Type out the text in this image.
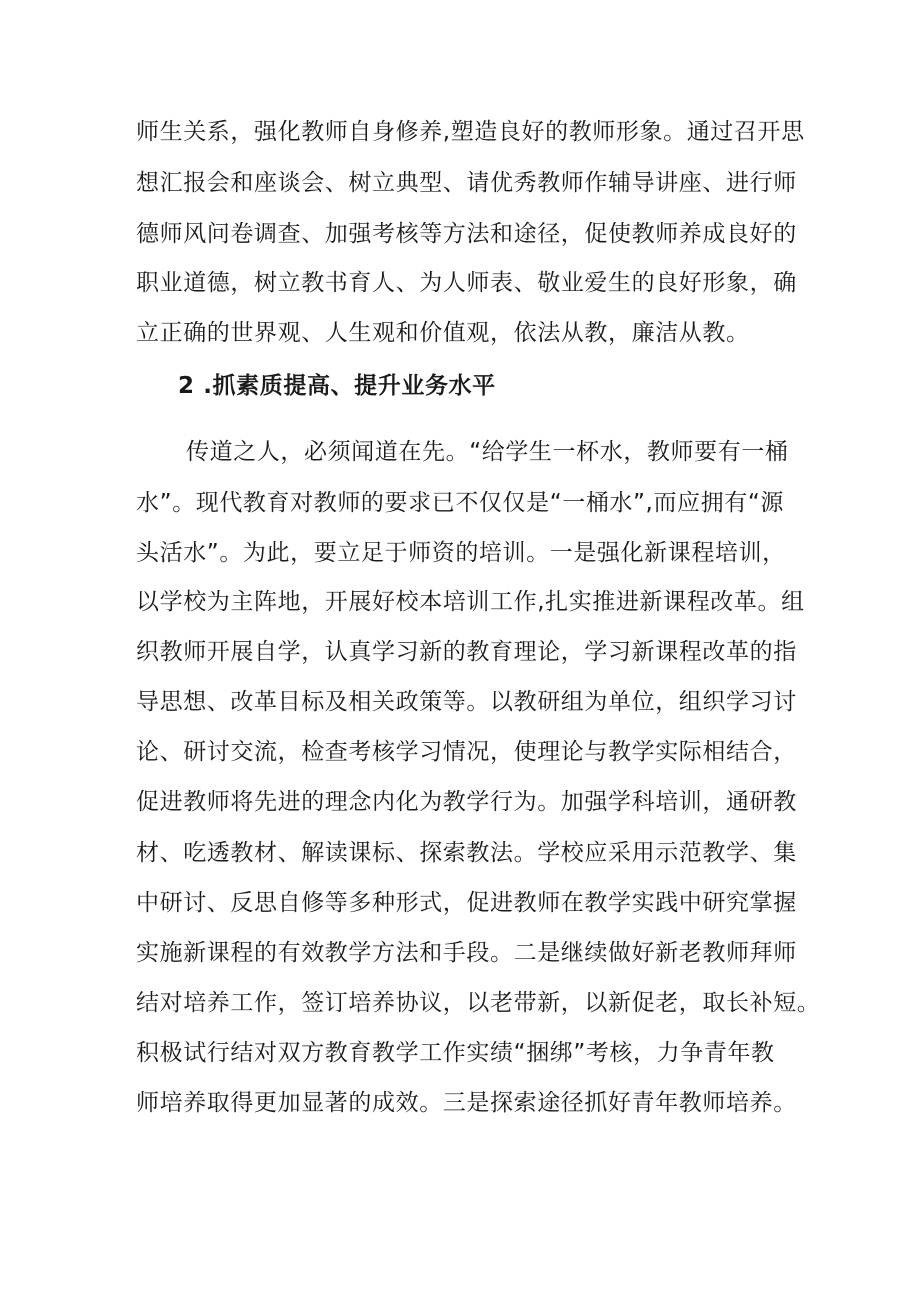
师生关系，强化教师自身修养,塑造良好的教师形象。通过召开思
想汇报会和座谈会、树立典型、请优秀教师作辅导讲座、进行师
德师风问卷调查、加强考核等方法和途径，促使教师养成良好的
职业道德，树立教书育人、为人师表、敬业爱生的良好形象，确
立正确的世界观、人生观和价值观，依法从教，廉洁从教。
2 .抓素质提高、提升业务水平
传道之人，必须闻道在先。“给学生一杯水，教师要有一桶
水”。现代教育对教师的要求已不仅仅是“一桶水”,而应拥有“源
头活水”。为此，要立足于师资的培训。一是强化新课程培训，
以学校为主阵地，开展好校本培训工作,扎实推进新课程改革。组
织教师开展自学，认真学习新的教育理论，学习新课程改革的指
导思想、改革目标及相关政策等。以教研组为单位，组织学习讨
论、研讨交流，检查考核学习情况，使理论与教学实际相结合，
促进教师将先进的理念内化为教学行为。加强学科培训，通研教
材、吃透教材、解读课标、探索教法。学校应采用示范教学、集
中研讨、反思自修等多种形式，促进教师在教学实践中研究掌握
实施新课程的有效教学方法和手段。二是继续做好新老教师拜师
结对培养工作，签订培养协议，以老带新，以新促老，取长补短。
积极试行结对双方教育教学工作实绩“捆绑”考核，力争青年教
师培养取得更加显著的成效。三是探索途径抓好青年教师培养。
